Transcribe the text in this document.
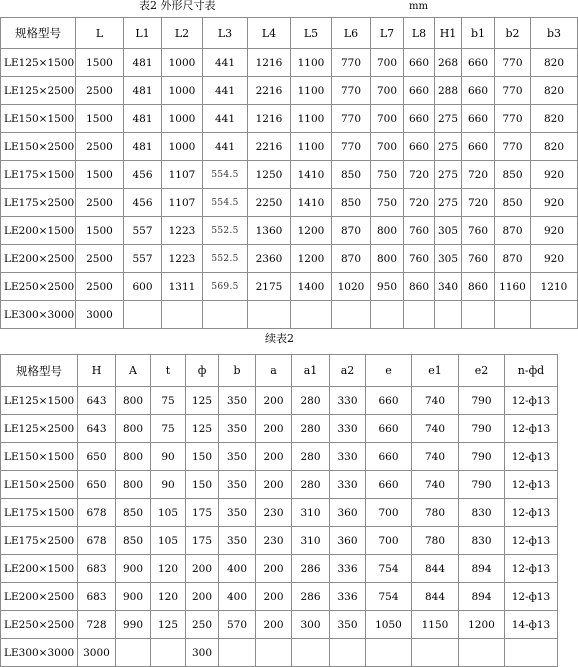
表2 外形尺寸表	mm
规格型号	L	L1	L2	L3	L4	L5	L6	L7	L8	H1	b1	b2	b3
LE125×1500	1500	481	1000	441	1216	1100	770	700	660	268	660	770	820
LE125×2500	2500	481	1000	441	2216	1100	770	700	660	288	660	770	820
LE150×1500	1500	481	1000	441	1216	1100	770	700	660	275	660	770	820
LE150×2500	2500	481	1000	441	2216	1100	770	700	660	275	660	770	820
LE175×1500	1500	456	1107	554.5	1250	1410	850	750	720	275	720	850	920
LE175×2500	2500	456	1107	554.5	2250	1410	850	750	720	275	720	850	920
LE200×1500	1500	557	1223	552.5	1360	1200	870	800	760	305	760	870	920
LE200×2500	2500	557	1223	552.5	2360	1200	870	800	760	305	760	870	920
LE250×2500	2500	600	1311	569.5	2175	1400	1020	950	860	340	860	1160	1210
LE300×3000	3000												
续表2
规格型号	H	A	t	ф	b	a	a1	a2	e	e1	e2	n-фd
LE125×1500	643	800	75	125	350	200	280	330	660	740	790	12-ф13
LE125×2500	643	800	75	125	350	200	280	330	660	740	790	12-ф13
LE150×1500	650	800	90	150	350	200	280	330	660	740	790	12-ф13
LE150×2500	650	800	90	150	350	200	280	330	660	740	790	12-ф13
LE175×1500	678	850	105	175	350	230	310	360	700	780	830	12-ф13
LE175×2500	678	850	105	175	350	230	310	360	700	780	830	12-ф13
LE200×1500	683	900	120	200	400	200	286	336	754	844	894	12-ф13
LE200×2500	683	900	120	200	400	200	286	336	754	844	894	12-ф13
LE250×2500	728	990	125	250	570	200	300	350	1050	1150	1200	14-ф13
LE300×3000	3000			300								
